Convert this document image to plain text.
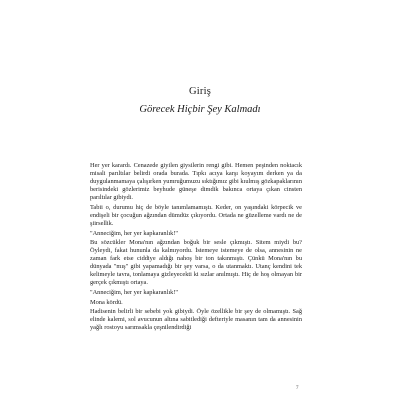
Giriş
Görecek Hiçbir Şey Kalmadı

Her yer karardı. Cenazede giyilen giysilerin rengi gibi. Hemen peşinden noktacık misali parıltılar belirdi orada burada. Tıpkı acıya karşı koyayım derken ya da duygulanmamaya çalışırken yumruğumuzu sıktığımız gibi kıulmış gözkapaklarının berisindeki gözlerimiz beyhude güneşe dimdik bakınca ortaya çıkan cinsten parıltılar gibiydi.

Tabii o, durumu hiç de böyle tanımlamamıştı. Keder, on yaşındaki körpecik ve endişeli bir çocuğun ağzından dümdüz çıkıyordu. Ortada ne güzelleme vardı ne de şiirsellik.

"Anneciğim, her yer kapkaranlık!"

Bu sözcükler Mona'nın ağzından boğuk bir sesle çıkmıştı. Sitem miydi bu? Öyleydi, fakat hununla da kalmıyordu. İstemeye istemeye de olsa, annesinin ne zaman fark etse ciddiye aldığı nahoş bir ton takınmıştı. Çünkü Mona'nın bu dünyada "mış" gibi yapamadığı bir şey varsa, o da utanmaktı. Utanç kendini tek kelimeyle tavra, tonlamaya gizleyecekti ki sızlar anılmıştı. Hiç de hoş olmayan bir gerçek çıkmıştı ortaya.

"Anneciğim, her yer kapkaranlık!"

Mona kördü.

Hadisenin belirli bir sebebi yok gibiydi. Öyle özellikle bir şey de olmamıştı. Sağ elinde kalemi, sol avucunun altına sabitlediği defteriyle masanın tam da annesinin yağlı rostoyu sarımsakla çeşnilendirdiği

7
